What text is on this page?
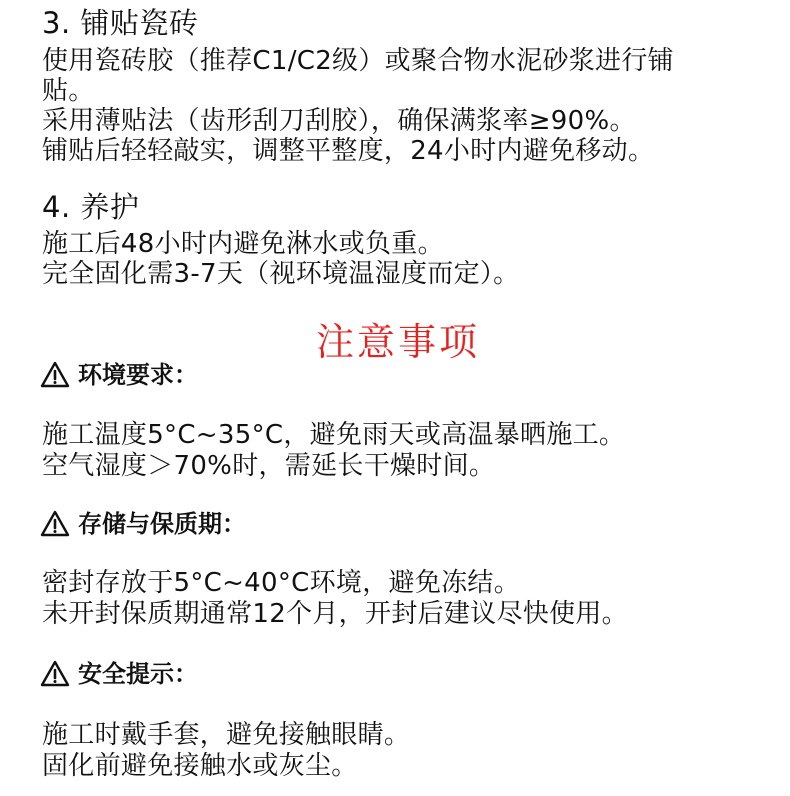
3. 铺贴瓷砖
使用瓷砖胶（推荐C1/C2级）或聚合物水泥砂浆进行铺
贴。
采用薄贴法（齿形刮刀刮胶），确保满浆率≥90%。
铺贴后轻轻敲实，调整平整度，24小时内避免移动。
4. 养护
施工后48小时内避免淋水或负重。
完全固化需3-7天（视环境温湿度而定）。
注意事项
环境要求：
施工温度5°C~35°C，避免雨天或高温暴晒施工。
空气湿度＞70%时，需延长干燥时间。
存储与保质期：
密封存放于5°C~40°C环境，避免冻结。
未开封保质期通常12个月，开封后建议尽快使用。
安全提示：
施工时戴手套，避免接触眼睛。
固化前避免接触水或灰尘。
